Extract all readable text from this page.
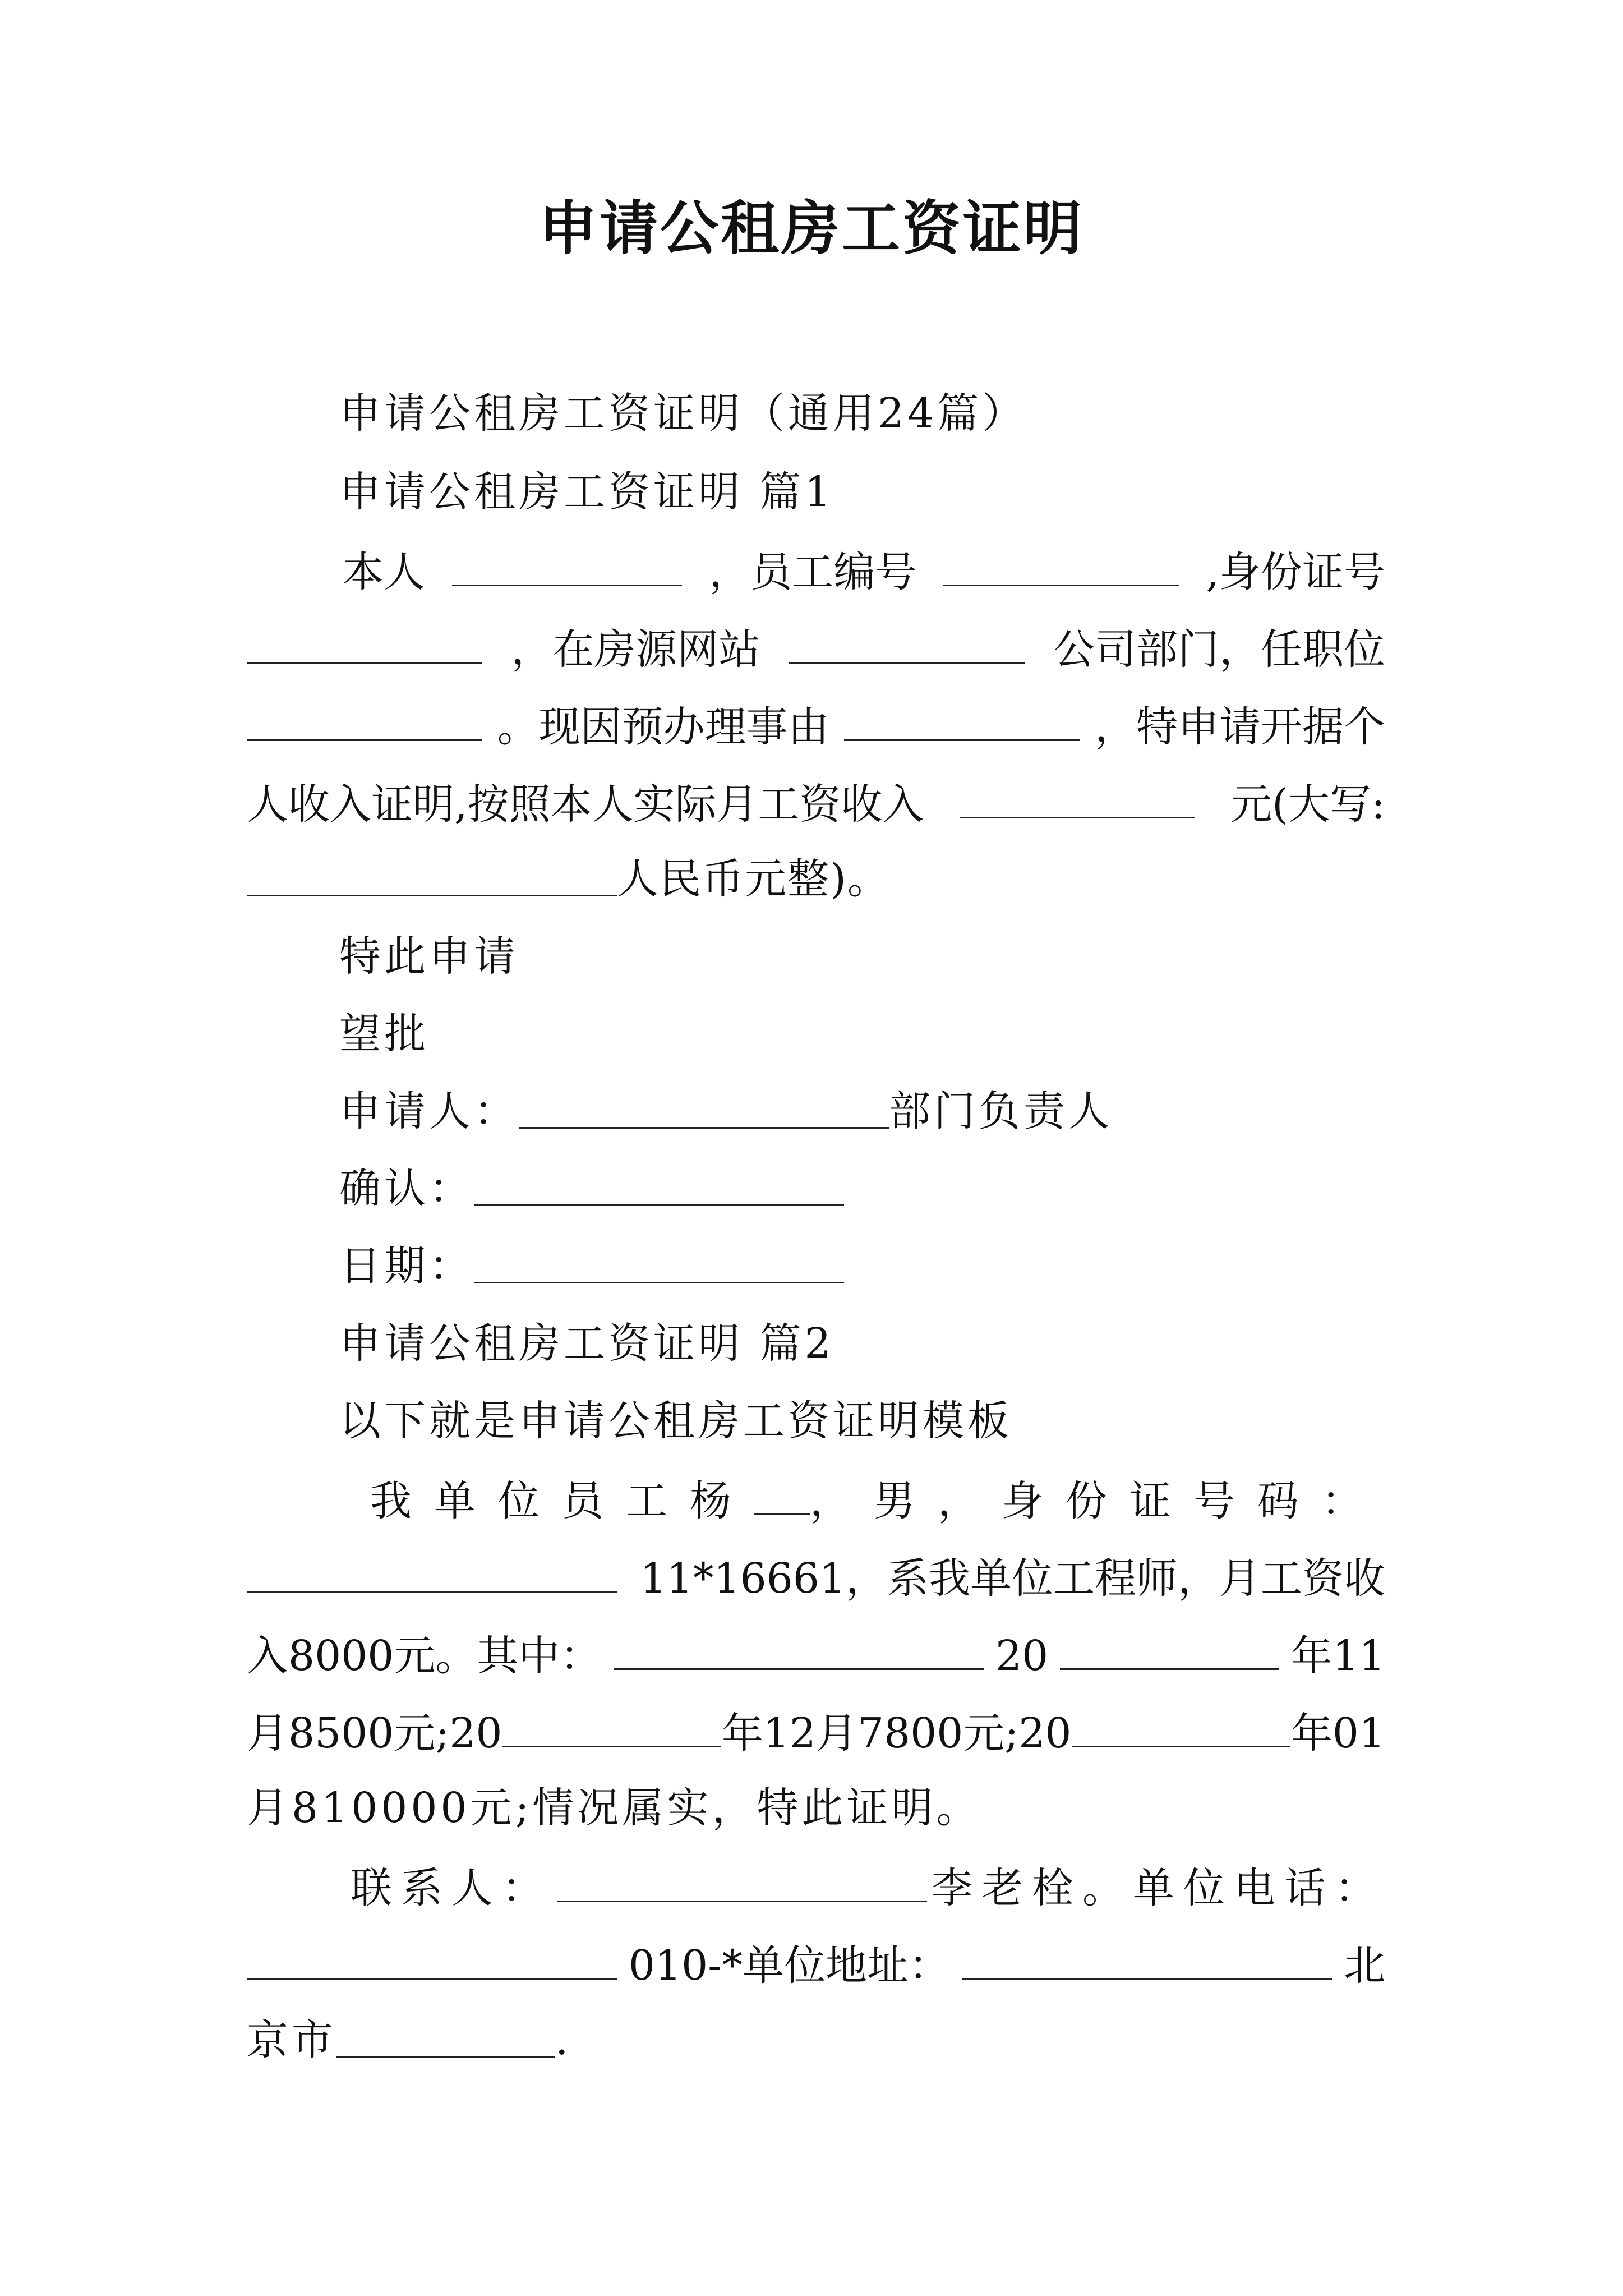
申请公租房工资证明
申请公租房工资证明（通用24篇）
申请公租房工资证明 篇1
本人	，员工编号	,身份证号
，在房源网站	公司部门，任职位
。现因预办理事由	，特申请开据个
人收入证明,按照本人实际月工资收入	元(大写:
人民币元整)。
特此申请
望批
申请人：	部门负责人
确认：
日期：
申请公租房工资证明 篇2
以下就是申请公租房工资证明模板
我单位员工杨 ，男，身份证号码：
11*16661，系我单位工程师，月工资收
入8000元。其中：	20	年11
月8500元;20	年12月7800元;20	年01
月810000元;情况属实，特此证明。
联系人：	李老栓。单位电话：
010-*单位地址：	北
京市	.
